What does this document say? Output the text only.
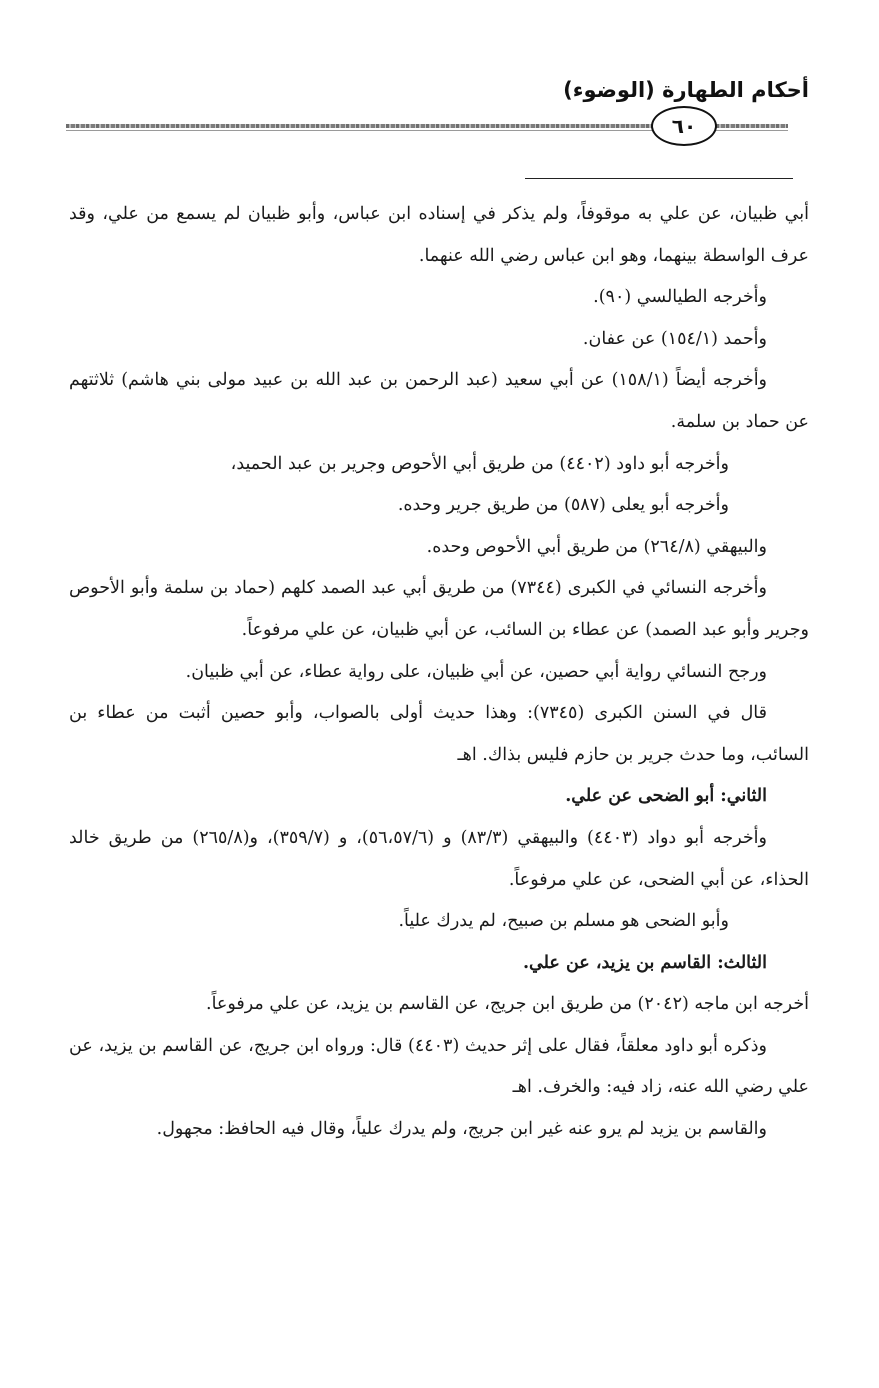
أحكام الطهارة (الوضوء)
٦٠

أبي ظبيان، عن علي به موقوفاً، ولم يذكر في إسناده ابن عباس، وأبو ظبيان لم يسمع من علي، وقد عرف الواسطة بينهما، وهو ابن عباس رضي الله عنهما.

وأخرجه الطيالسي (٩٠).

وأحمد (١٥٤/١) عن عفان.

وأخرجه أيضاً (١٥٨/١) عن أبي سعيد (عبد الرحمن بن عبد الله بن عبيد مولى بني هاشم) ثلاثتهم عن حماد بن سلمة.

وأخرجه أبو داود (٤٤٠٢) من طريق أبي الأحوص وجرير بن عبد الحميد،

وأخرجه أبو يعلى (٥٨٧) من طريق جرير وحده.

والبيهقي (٢٦٤/٨) من طريق أبي الأحوص وحده.

وأخرجه النسائي في الكبرى (٧٣٤٤) من طريق أبي عبد الصمد كلهم (حماد بن سلمة وأبو الأحوص وجرير وأبو عبد الصمد) عن عطاء بن السائب، عن أبي ظبيان، عن علي مرفوعاً.

ورجح النسائي رواية أبي حصين، عن أبي ظبيان، على رواية عطاء، عن أبي ظبيان.

قال في السنن الكبرى (٧٣٤٥): وهذا حديث أولى بالصواب، وأبو حصين أثبت من عطاء بن السائب، وما حدث جرير بن حازم فليس بذاك. اهـ

الثاني: أبو الضحى عن علي.

وأخرجه أبو دواد (٤٤٠٣) والبيهقي (٨٣/٣) و (٥٦،٥٧/٦)، و (٣٥٩/٧)، و(٢٦٥/٨) من طريق خالد الحذاء، عن أبي الضحى، عن علي مرفوعاً.

وأبو الضحى هو مسلم بن صبيح، لم يدرك علياً.

الثالث: القاسم بن يزيد، عن علي.

أخرجه ابن ماجه (٢٠٤٢) من طريق ابن جريج، عن القاسم بن يزيد، عن علي مرفوعاً.

وذكره أبو داود معلقاً، فقال على إثر حديث (٤٤٠٣) قال: ورواه ابن جريج، عن القاسم بن يزيد، عن علي رضي الله عنه، زاد فيه: والخرف. اهـ

والقاسم بن يزيد لم يرو عنه غير ابن جريج، ولم يدرك علياً، وقال فيه الحافظ: مجهول.
